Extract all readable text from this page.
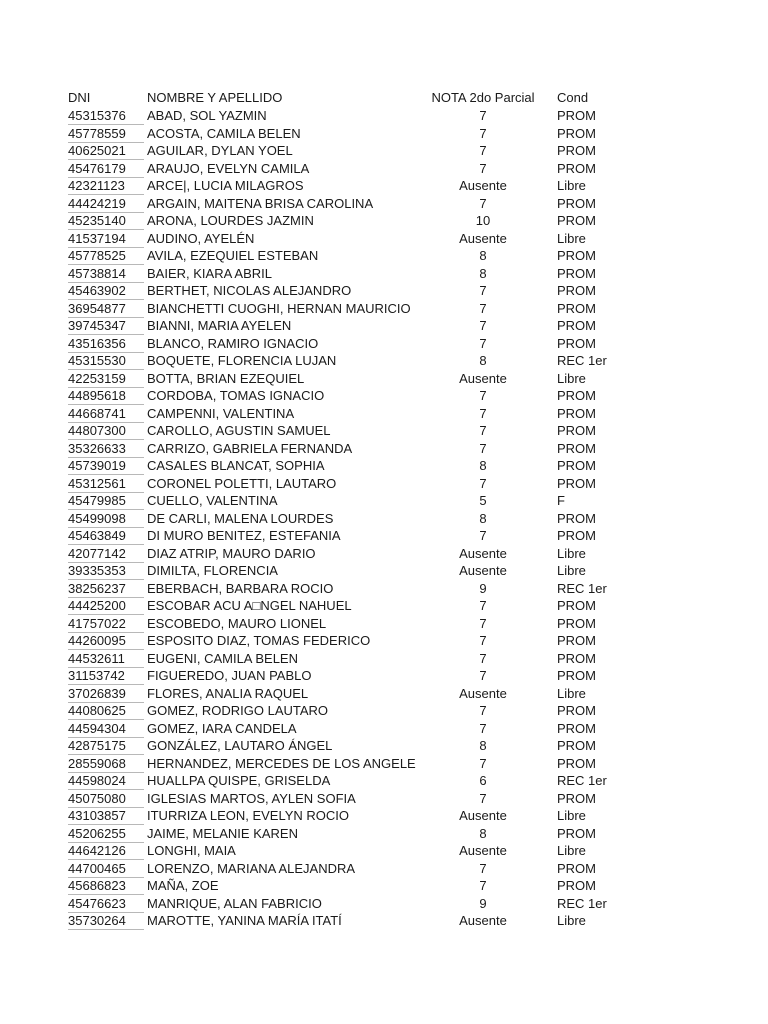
DNI	NOMBRE Y APELLIDO	NOTA 2do Parcial	Cond
45315376	ABAD, SOL YAZMIN	7	PROM
45778559	ACOSTA, CAMILA BELEN	7	PROM
40625021	AGUILAR, DYLAN YOEL	7	PROM
45476179	ARAUJO, EVELYN CAMILA	7	PROM
42321123	ARCE|, LUCIA MILAGROS	Ausente	Libre
44424219	ARGAIN, MAITENA BRISA CAROLINA	7	PROM
45235140	ARONA, LOURDES JAZMIN	10	PROM
41537194	AUDINO, AYELÉN	Ausente	Libre
45778525	AVILA, EZEQUIEL ESTEBAN	8	PROM
45738814	BAIER, KIARA ABRIL	8	PROM
45463902	BERTHET, NICOLAS ALEJANDRO	7	PROM
36954877	BIANCHETTI CUOGHI, HERNAN MAURICIO	7	PROM
39745347	BIANNI, MARIA AYELEN	7	PROM
43516356	BLANCO, RAMIRO IGNACIO	7	PROM
45315530	BOQUETE, FLORENCIA LUJAN	8	REC 1er
42253159	BOTTA, BRIAN EZEQUIEL	Ausente	Libre
44895618	CORDOBA, TOMAS IGNACIO	7	PROM
44668741	CAMPENNI, VALENTINA	7	PROM
44807300	CAROLLO, AGUSTIN SAMUEL	7	PROM
35326633	CARRIZO, GABRIELA FERNANDA	7	PROM
45739019	CASALES BLANCAT, SOPHIA	8	PROM
45312561	CORONEL POLETTI, LAUTARO	7	PROM
45479985	CUELLO, VALENTINA	5	F
45499098	DE CARLI, MALENA LOURDES	8	PROM
45463849	DI MURO BENITEZ, ESTEFANIA	7	PROM
42077142	DIAZ ATRIP, MAURO DARIO	Ausente	Libre
39335353	DIMILTA, FLORENCIA	Ausente	Libre
38256237	EBERBACH, BARBARA ROCIO	9	REC 1er
44425200	ESCOBAR ACU A□NGEL NAHUEL	7	PROM
41757022	ESCOBEDO, MAURO LIONEL	7	PROM
44260095	ESPOSITO DIAZ, TOMAS FEDERICO	7	PROM
44532611	EUGENI, CAMILA BELEN	7	PROM
31153742	FIGUEREDO, JUAN PABLO	7	PROM
37026839	FLORES, ANALIA RAQUEL	Ausente	Libre
44080625	GOMEZ, RODRIGO LAUTARO	7	PROM
44594304	GOMEZ, IARA CANDELA	7	PROM
42875175	GONZÁLEZ, LAUTARO ÁNGEL	8	PROM
28559068	HERNANDEZ, MERCEDES DE LOS ANGELE	7	PROM
44598024	HUALLPA QUISPE, GRISELDA	6	REC 1er
45075080	IGLESIAS MARTOS, AYLEN SOFIA	7	PROM
43103857	ITURRIZA LEON, EVELYN ROCIO	Ausente	Libre
45206255	JAIME, MELANIE KAREN	8	PROM
44642126	LONGHI, MAIA	Ausente	Libre
44700465	LORENZO, MARIANA ALEJANDRA	7	PROM
45686823	MAÑA, ZOE	7	PROM
45476623	MANRIQUE, ALAN FABRICIO	9	REC 1er
35730264	MAROTTE, YANINA MARÍA ITATÍ	Ausente	Libre
